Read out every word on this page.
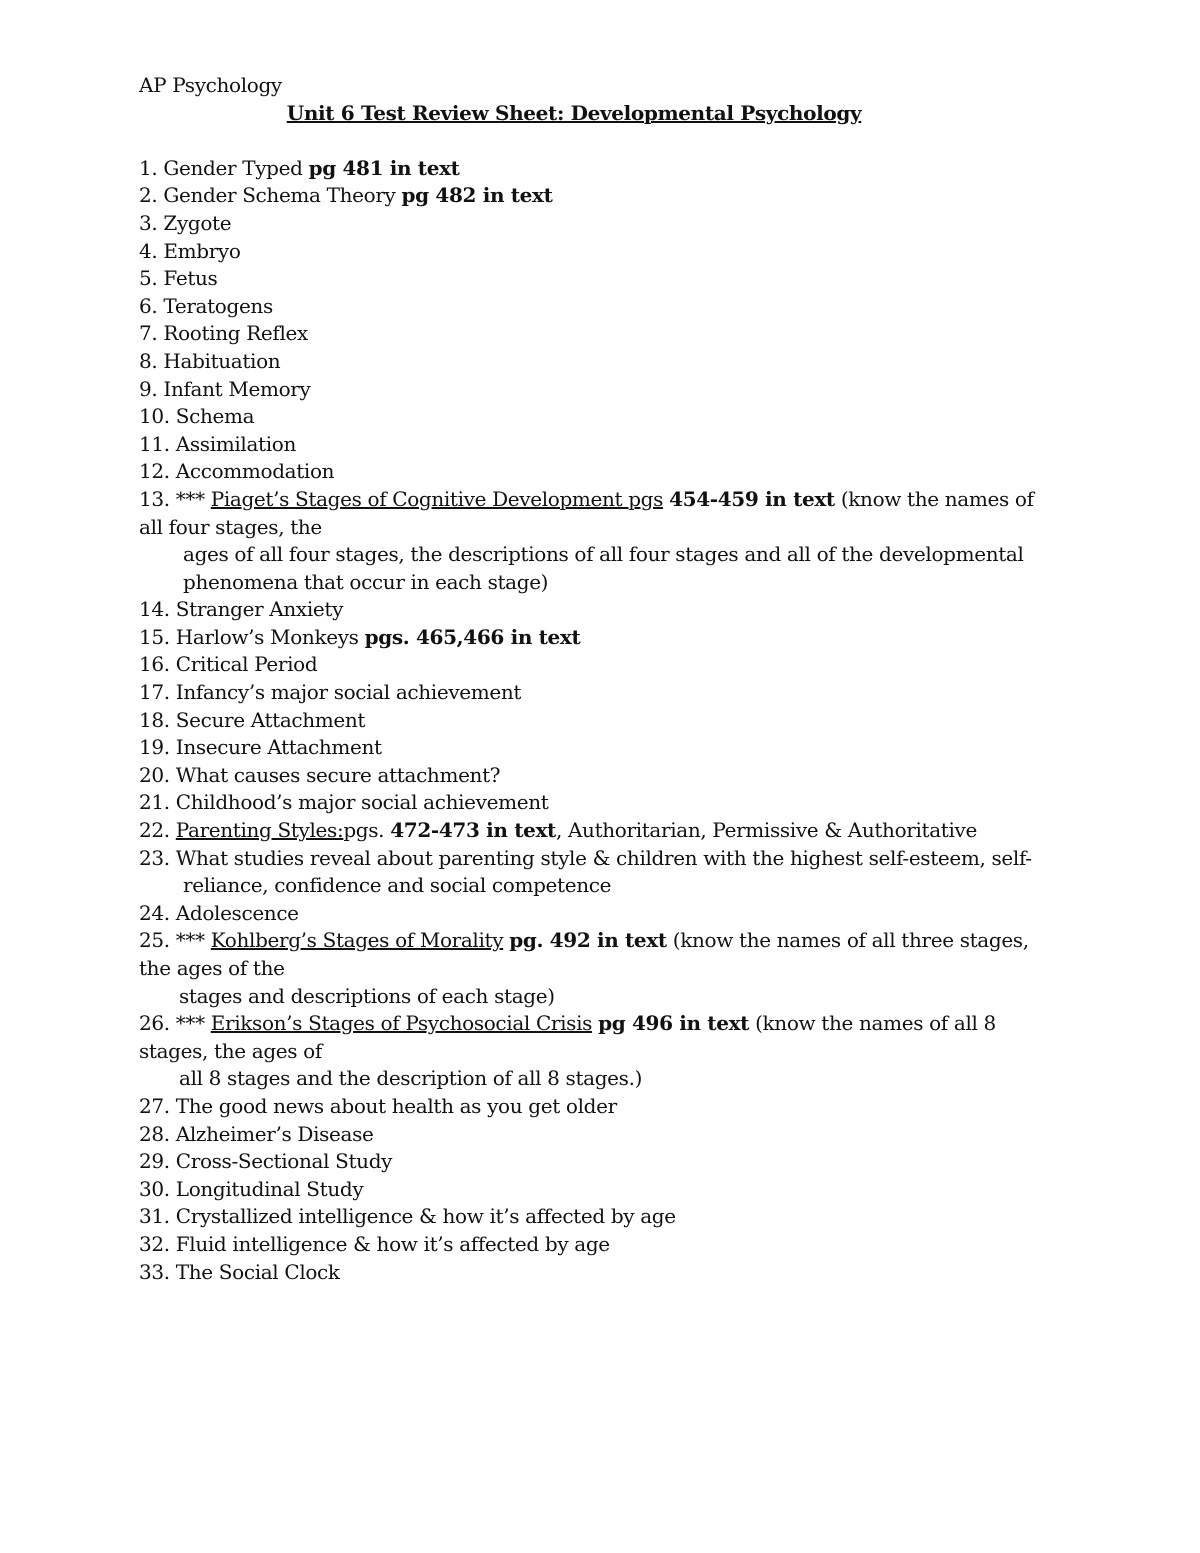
AP Psychology
Unit 6 Test Review Sheet: Developmental Psychology
1. Gender Typed pg 481 in text
2. Gender Schema Theory pg 482 in text
3. Zygote
4. Embryo
5. Fetus
6. Teratogens
7. Rooting Reflex
8. Habituation
9. Infant Memory
10. Schema
11. Assimilation
12. Accommodation
13. *** Piaget’s Stages of Cognitive Development pgs 454-459 in text (know the names of all four stages, the
ages of all four stages, the descriptions of all four stages and all of the developmental
phenomena that occur in each stage)
14. Stranger Anxiety
15. Harlow’s Monkeys pgs. 465,466 in text
16. Critical Period
17. Infancy’s major social achievement
18. Secure Attachment
19. Insecure Attachment
20. What causes secure attachment?
21. Childhood’s major social achievement
22. Parenting Styles:pgs. 472-473 in text, Authoritarian, Permissive & Authoritative
23. What studies reveal about parenting style & children with the highest self-esteem, self-
reliance, confidence and social competence
24. Adolescence
25. *** Kohlberg’s Stages of Morality pg. 492 in text (know the names of all three stages, the ages of the
stages and descriptions of each stage)
26. *** Erikson’s Stages of Psychosocial Crisis pg 496 in text (know the names of all 8 stages, the ages of
all 8 stages and the description of all 8 stages.)
27. The good news about health as you get older
28. Alzheimer’s Disease
29. Cross-Sectional Study
30. Longitudinal Study
31. Crystallized intelligence & how it’s affected by age
32. Fluid intelligence & how it’s affected by age
33. The Social Clock
